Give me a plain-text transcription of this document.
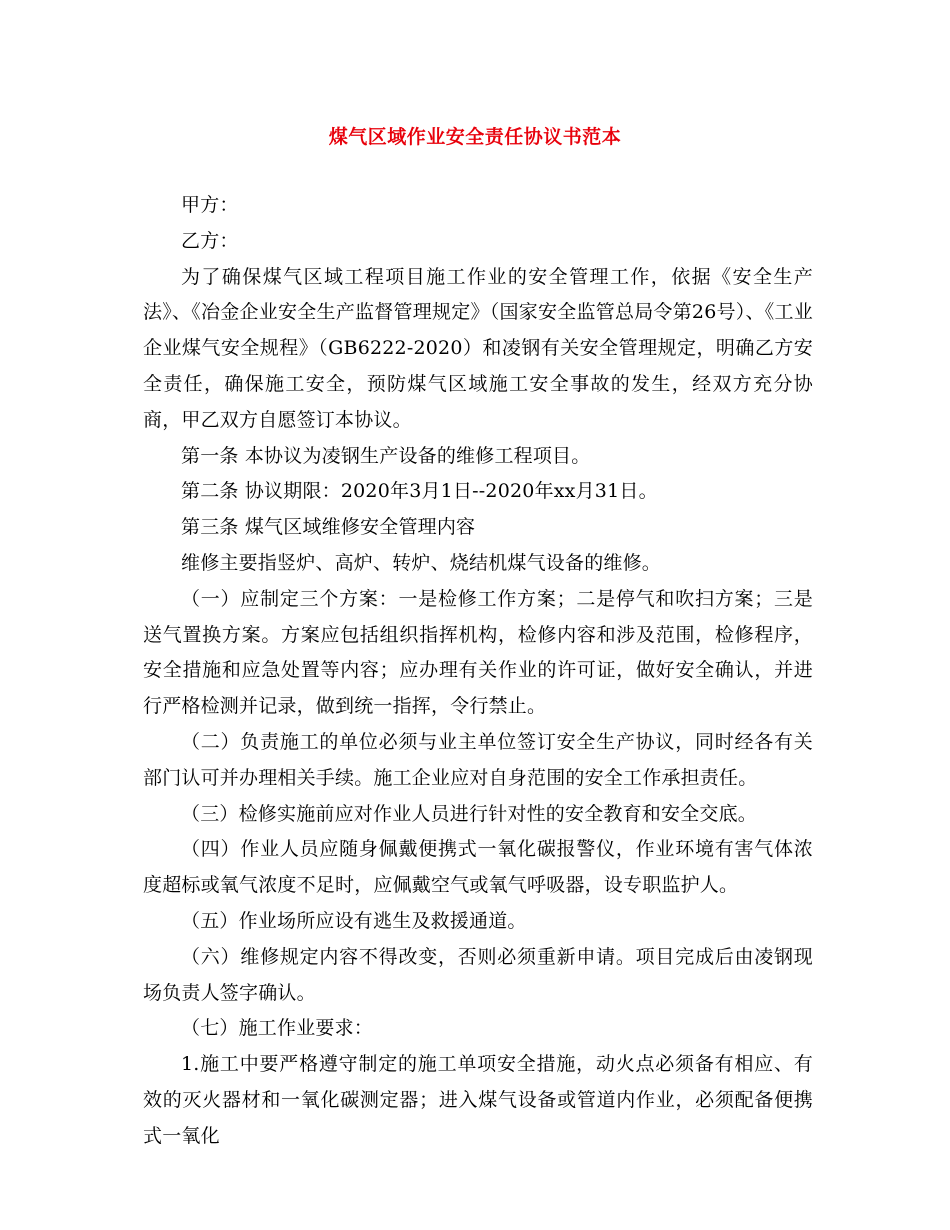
煤气区域作业安全责任协议书范本

甲方：

乙方：

为了确保煤气区域工程项目施工作业的安全管理工作，依据《安全生产法》、《冶金企业安全生产监督管理规定》（国家安全监管总局令第26号）、《工业企业煤气安全规程》（GB6222-2020）和凌钢有关安全管理规定，明确乙方安全责任，确保施工安全，预防煤气区域施工安全事故的发生，经双方充分协商，甲乙双方自愿签订本协议。

第一条 本协议为凌钢生产设备的维修工程项目。

第二条 协议期限：2020年3月1日--2020年xx月31日。

第三条 煤气区域维修安全管理内容

维修主要指竖炉、高炉、转炉、烧结机煤气设备的维修。

（一）应制定三个方案：一是检修工作方案；二是停气和吹扫方案；三是送气置换方案。方案应包括组织指挥机构，检修内容和涉及范围，检修程序，安全措施和应急处置等内容；应办理有关作业的许可证，做好安全确认，并进行严格检测并记录，做到统一指挥，令行禁止。

（二）负责施工的单位必须与业主单位签订安全生产协议，同时经各有关部门认可并办理相关手续。施工企业应对自身范围的安全工作承担责任。

（三）检修实施前应对作业人员进行针对性的安全教育和安全交底。

（四）作业人员应随身佩戴便携式一氧化碳报警仪，作业环境有害气体浓度超标或氧气浓度不足时，应佩戴空气或氧气呼吸器，设专职监护人。

（五）作业场所应设有逃生及救援通道。

（六）维修规定内容不得改变，否则必须重新申请。项目完成后由凌钢现场负责人签字确认。

（七）施工作业要求：

1.施工中要严格遵守制定的施工单项安全措施，动火点必须备有相应、有效的灭火器材和一氧化碳测定器；进入煤气设备或管道内作业，必须配备便携式一氧化
